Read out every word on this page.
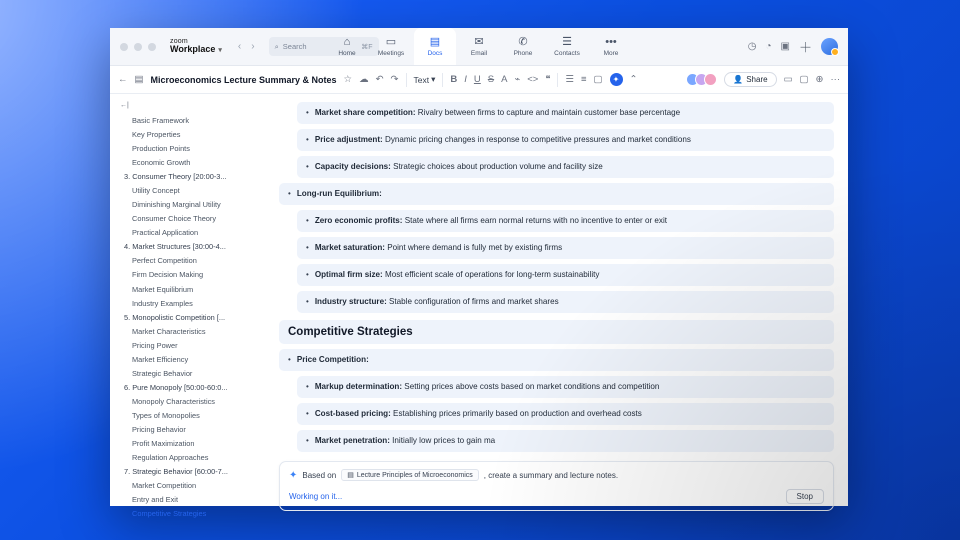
zoom
Workplace ▾ ‹ ›	⌕ Search	⌘F
⌂
Home
▭
Meetings
▤
Docs
✉
Email
✆
Phone
☰
Contacts
•••
More
◷ ◔ ▣ ＋
← ▤ Microeconomics Lecture Summary & Notes ☆ ☁ ↶ ↷ Text ▾ B I U S A ⌁ <> ❝ ☰ ≡ ▢	✦	⌃	👤 Share ▭ ▢ ⊕ ···
←|
Basic Framework
Key Properties
Production Points
Economic Growth
3. Consumer Theory [20:00-3...
Utility Concept
Diminishing Marginal Utility
Consumer Choice Theory
Practical Application
4. Market Structures [30:00-4...
Perfect Competition
Firm Decision Making
Market Equilibrium
Industry Examples
5. Monopolistic Competition [...
Market Characteristics
Pricing Power
Market Efficiency
Strategic Behavior
6. Pure Monopoly [50:00-60:0...
Monopoly Characteristics
Types of Monopolies
Pricing Behavior
Profit Maximization
Regulation Approaches
7. Strategic Behavior [60:00-7...
Market Competition
Entry and Exit
Competitive Strategies
• Market share competition: Rivalry between firms to capture and maintain customer base percentage
• Price adjustment: Dynamic pricing changes in response to competitive pressures and market conditions
• Capacity decisions: Strategic choices about production volume and facility size
• Long-run Equilibrium:
• Zero economic profits: State where all firms earn normal returns with no incentive to enter or exit
• Market saturation: Point where demand is fully met by existing firms
• Optimal firm size: Most efficient scale of operations for long-term sustainability
• Industry structure: Stable configuration of firms and market shares
Competitive Strategies
• Price Competition:
• Markup determination: Setting prices above costs based on market conditions and competition
• Cost-based pricing: Establishing prices primarily based on production and overhead costs
• Market penetration: Initially low prices to gain ma
✦ Based on ▤ Lecture Principles of Microeconomics , create a summary and lecture notes.
Working on it...	Stop
